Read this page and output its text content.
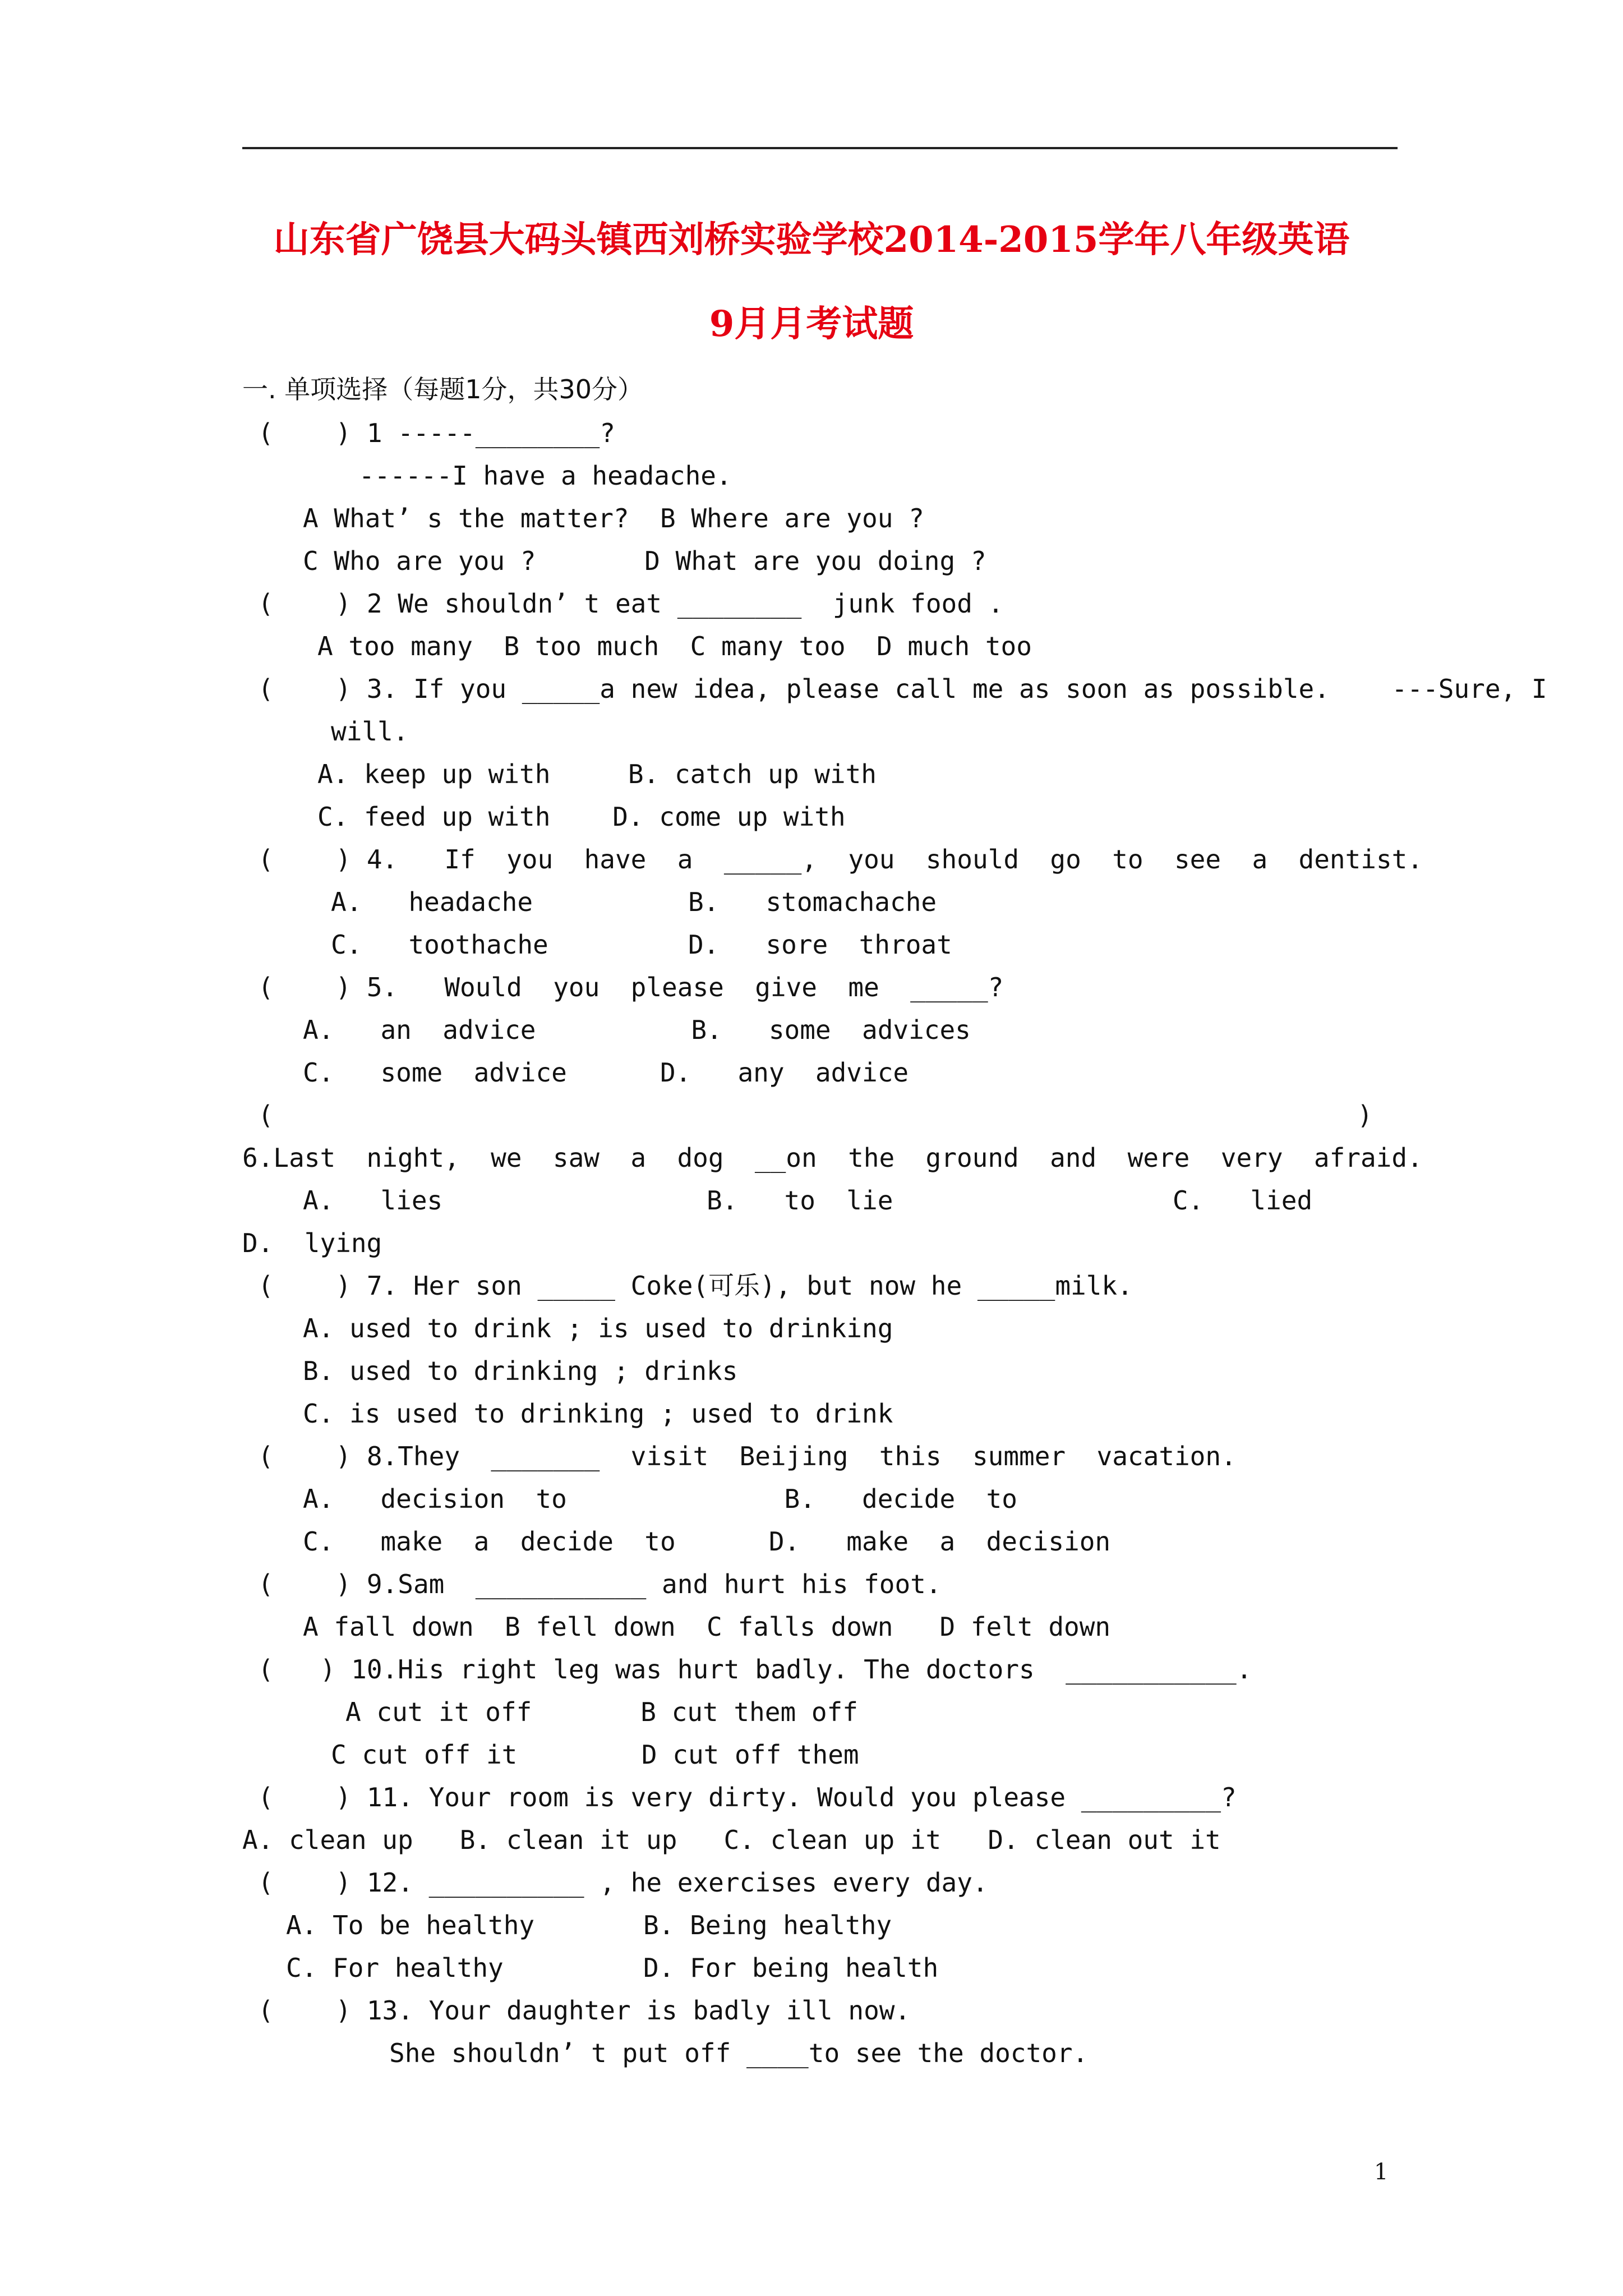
山东省广饶县大码头镇西刘桥实验学校2014-2015学年八年级英语
9月月考试题
一. 单项选择（每题1分，共30分）
(    ) 1 -----________?
------I have a headache.
A What’ s the matter?  B Where are you ?
C Who are you ?       D What are you doing ?
(    ) 2 We shouldn’ t eat ________  junk food .
A too many  B too much  C many too  D much too
(    ) 3. If you _____a new idea, please call me as soon as possible.    ---Sure, I
will.
A. keep up with     B. catch up with
C. feed up with    D. come up with
(    ) 4.   If  you  have  a  _____,  you  should  go  to  see  a  dentist.
A.   headache          B.   stomachache
C.   toothache         D.   sore  throat
(    ) 5.   Would  you  please  give  me  _____?
A.   an  advice          B.   some  advices
C.   some  advice      D.   any  advice
(	)
6.Last  night,  we  saw  a  dog  __on  the  ground  and  were  very  afraid.
A.   lies                 B.   to  lie                  C.   lied
D.  lying
(    ) 7. Her son _____ Coke(可乐), but now he _____milk.
A. used to drink ; is used to drinking
B. used to drinking ; drinks
C. is used to drinking ; used to drink
(    ) 8.They  _______  visit  Beijing  this  summer  vacation.
A.   decision  to              B.   decide  to
C.   make  a  decide  to      D.   make  a  decision
(    ) 9.Sam  ___________ and hurt his foot.
A fall down  B fell down  C falls down   D felt down
(   ) 10.His right leg was hurt badly. The doctors  ___________.
A cut it off       B cut them off
C cut off it        D cut off them
(    ) 11. Your room is very dirty. Would you please _________?
A. clean up   B. clean it up   C. clean up it   D. clean out it
(    ) 12. __________ , he exercises every day.
A. To be healthy       B. Being healthy
C. For healthy         D. For being health
(    ) 13. Your daughter is badly ill now.
She shouldn’ t put off ____to see the doctor.
1
